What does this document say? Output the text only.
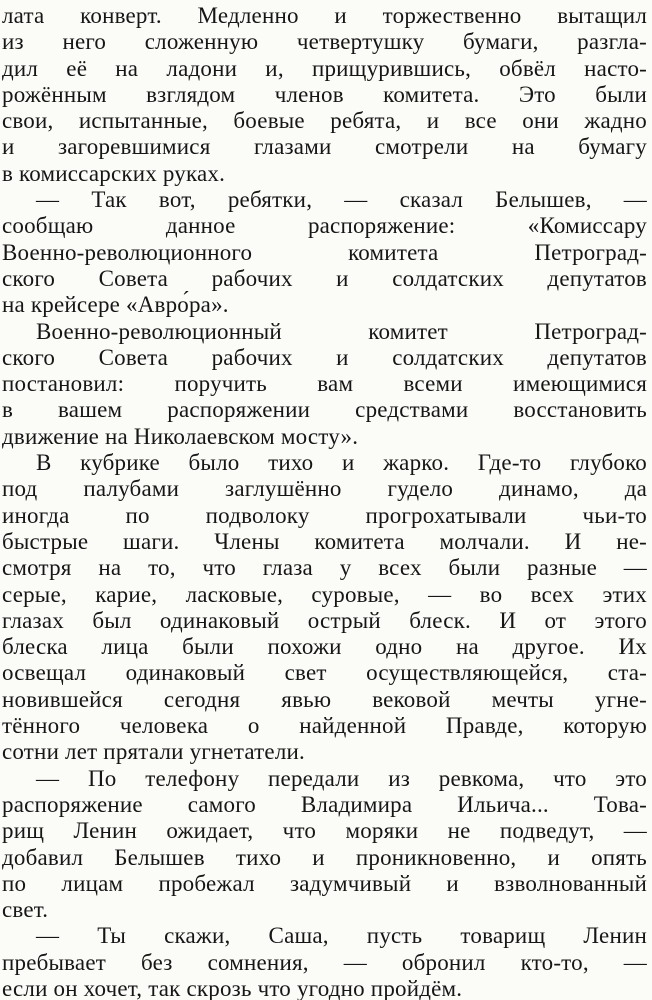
лата конверт. Медленно и торжественно вытащил
из него сложенную четвертушку бумаги, разгла-
дил её на ладони и, прищурившись, обвёл насто-
рожённым взглядом членов комитета. Это были
свои, испытанные, боевые ребята, и все они жадно
и загоревшимися глазами смотрели на бумагу
в комиссарских руках.
— Так вот, ребятки, — сказал Белышев, —
сообщаю данное распоряжение: «Комиссару
Военно-революционного комитета Петроград-
ского Совета рабочих и солдатских депутатов
на крейсере «Авро́ра».
Военно-революционный комитет Петроград-
ского Совета рабочих и солдатских депутатов
постановил: поручить вам всеми имеющимися
в вашем распоряжении средствами восстановить
движение на Николаевском мосту».
В кубрике было тихо и жарко. Где-то глубоко
под палубами заглушённо гудело динамо, да
иногда по подволоку прогрохатывали чьи-то
быстрые шаги. Члены комитета молчали. И не-
смотря на то, что глаза у всех были разные —
серые, карие, ласковые, суровые, — во всех этих
глазах был одинаковый острый блеск. И от этого
блеска лица были похожи одно на другое. Их
освещал одинаковый свет осуществляющейся, ста-
новившейся сегодня явью вековой мечты угне-
тённого человека о найденной Правде, которую
сотни лет прятали угнетатели.
— По телефону передали из ревкома, что это
распоряжение самого Владимира Ильича... Това-
рищ Ленин ожидает, что моряки не подведут, —
добавил Белышев тихо и проникновенно, и опять
по лицам пробежал задумчивый и взволнованный
свет.
— Ты скажи, Саша, пусть товарищ Ленин
пребывает без сомнения, — обронил кто-то, —
если он хочет, так скрозь что угодно пройдём.
